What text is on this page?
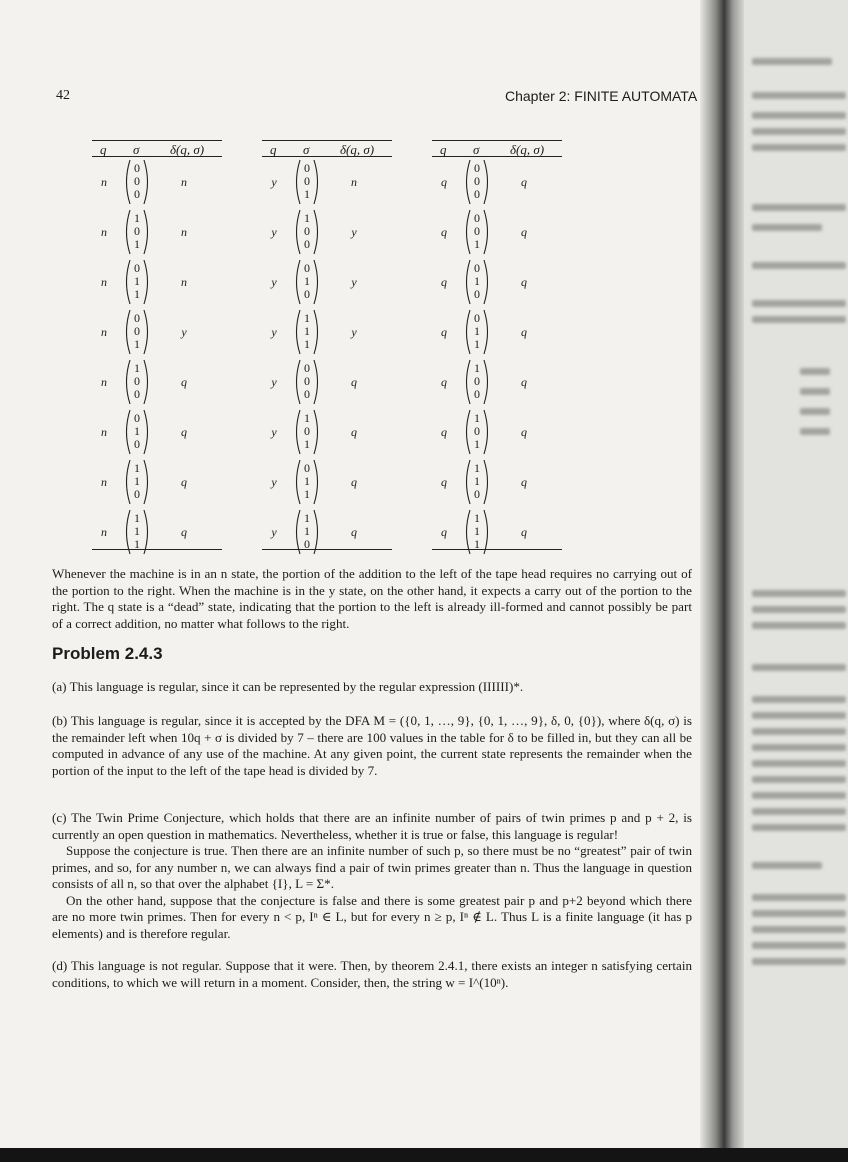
42	Chapter 2: FINITE AUTOMATA
q σ δ(q, σ)
n
0
0
0
n
n
1
0
1
n
n
0
1
1
n
n
0
0
1
y
n
1
0
0
q
n
0
1
0
q
n
1
1
0
q
n
1
1
1
q
q σ δ(q, σ)
y
0
0
1
n
y
1
0
0
y
y
0
1
0
y
y
1
1
1
y
y
0
0
0
q
y
1
0
1
q
y
0
1
1
q
y
1
1
0
q
q σ δ(q, σ)
q
0
0
0
q
q
0
0
1
q
q
0
1
0
q
q
0
1
1
q
q
1
0
0
q
q
1
0
1
q
q
1
1
0
q
q
1
1
1
q

Whenever the machine is in an n state, the portion of the addition to the left of the tape head requires no carrying out of the portion to the right. When the machine is in the y state, on the other hand, it expects a carry out of the portion to the right. The q state is a “dead” state, indicating that the portion to the left is already ill-formed and cannot possibly be part of a correct addition, no matter what follows to the right.

Problem 2.4.3

(a) This language is regular, since it can be represented by the regular expression (IIIIII)*.

(b) This language is regular, since it is accepted by the DFA M = ({0, 1, …, 9}, {0, 1, …, 9}, δ, 0, {0}), where δ(q, σ) is the remainder left when 10q + σ is divided by 7 – there are 100 values in the table for δ to be filled in, but they can all be computed in advance of any use of the machine. At any given point, the current state represents the remainder when the portion of the input to the left of the tape head is divided by 7.

(c) The Twin Prime Conjecture, which holds that there are an infinite number of pairs of twin primes p and p + 2, is currently an open question in mathematics. Nevertheless, whether it is true or false, this language is regular!

Suppose the conjecture is true. Then there are an infinite number of such p, so there must be no “greatest” pair of twin primes, and so, for any number n, we can always find a pair of twin primes greater than n. Thus the language in question consists of all n, so that over the alphabet {I}, L = Σ*.

On the other hand, suppose that the conjecture is false and there is some greatest pair p and p+2 beyond which there are no more twin primes. Then for every n < p, Iⁿ ∈ L, but for every n ≥ p, Iⁿ ∉ L. Thus L is a finite language (it has p elements) and is therefore regular.

(d) This language is not regular. Suppose that it were. Then, by theorem 2.4.1, there exists an integer n satisfying certain conditions, to which we will return in a moment. Consider, then, the string w = I^(10ⁿ).
